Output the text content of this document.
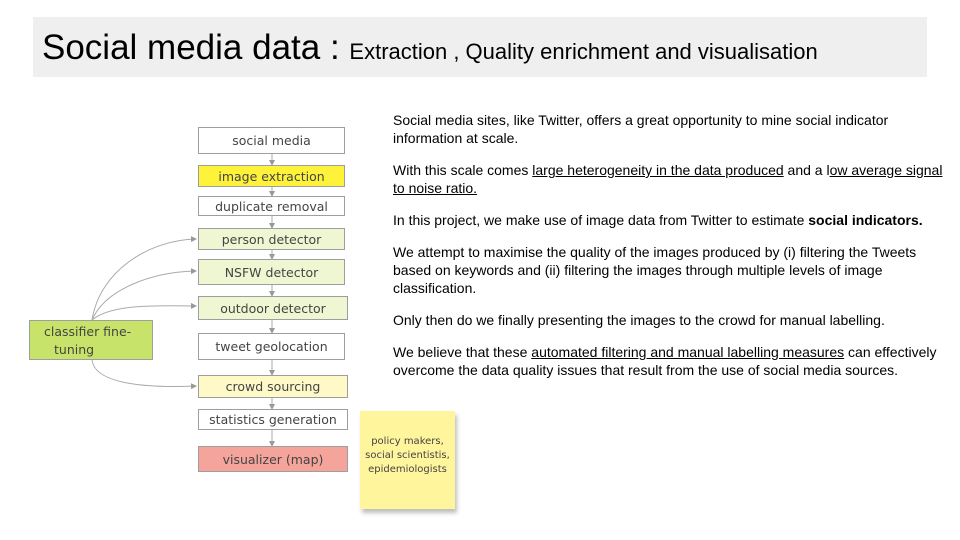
Social media data : Extraction , Quality enrichment and visualisation
social media
image extraction
duplicate removal
person detector
NSFW detector
outdoor detector
tweet geolocation
crowd sourcing
statistics generation
visualizer (map)
classifier fine-
tuning
policy makers,
social scientistis,
epidemiologists

Social media sites, like Twitter, offers a great opportunity to mine social indicator information at scale.

With this scale comes large heterogeneity in the data produced and a low average signal to noise ratio.

In this project, we make use of image data from Twitter to estimate social indicators.

We attempt to maximise the quality of the images produced by (i) filtering the Tweets based on keywords and (ii) filtering the images through multiple levels of image classification.

Only then do we finally presenting the images to the crowd for manual labelling.

We believe that these automated filtering and manual labelling measures can effectively overcome the data quality issues that result from the use of social media sources.
